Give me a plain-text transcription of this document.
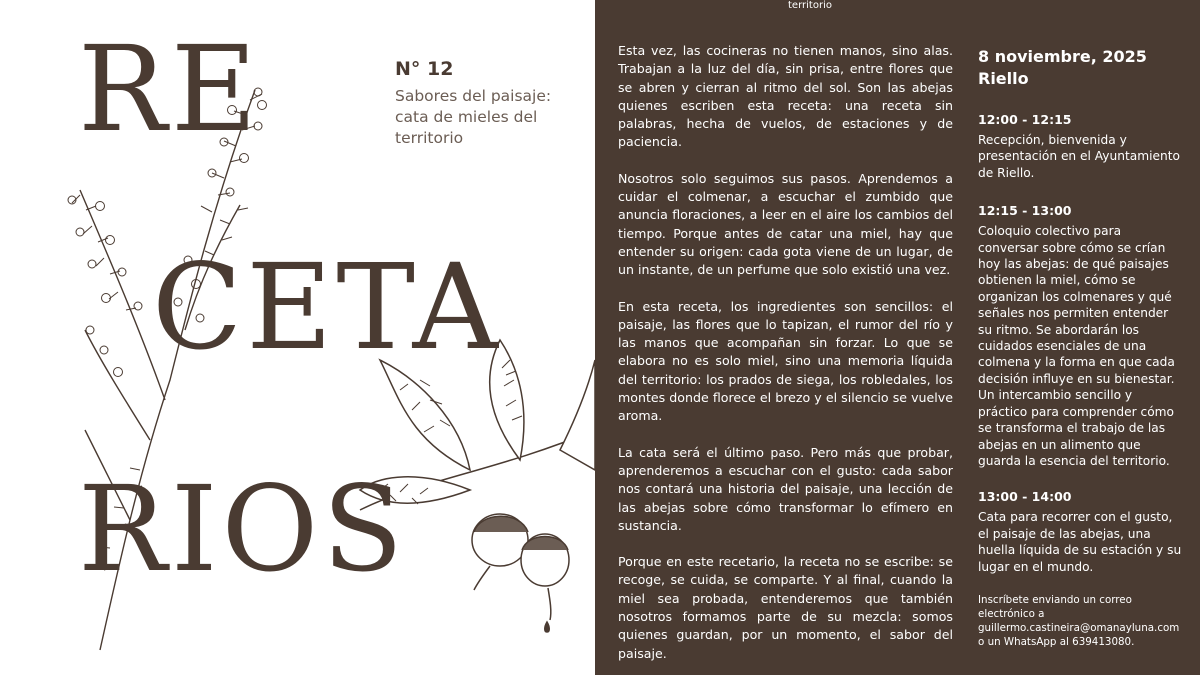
RE
CETA
RIOS
N° 12
Sabores del paisaje: cata de mieles del territorio
territorio

Esta vez, las cocineras no tienen manos, sino alas. Trabajan a la luz del día, sin prisa, entre flores que se abren y cierran al ritmo del sol. Son las abejas quienes escriben esta receta: una receta sin palabras, hecha de vuelos, de estaciones y de paciencia.

Nosotros solo seguimos sus pasos. Aprendemos a cuidar el colmenar, a escuchar el zumbido que anuncia floraciones, a leer en el aire los cambios del tiempo. Porque antes de catar una miel, hay que entender su origen: cada gota viene de un lugar, de un instante, de un perfume que solo existió una vez.

En esta receta, los ingredientes son sencillos: el paisaje, las flores que lo tapizan, el rumor del río y las manos que acompañan sin forzar. Lo que se elabora no es solo miel, sino una memoria líquida del territorio: los prados de siega, los robledales, los montes donde florece el brezo y el silencio se vuelve aroma.

La cata será el último paso. Pero más que probar, aprenderemos a escuchar con el gusto: cada sabor nos contará una historia del paisaje, una lección de las abejas sobre cómo transformar lo efímero en sustancia.

Porque en este recetario, la receta no se escribe: se recoge, se cuida, se comparte. Y al final, cuando la miel sea probada, entenderemos que también nosotros formamos parte de su mezcla: somos quienes guardan, por un momento, el sabor del paisaje.

8 noviembre, 2025
Riello
12:00 - 12:15
Recepción, bienvenida y presentación en el Ayuntamiento de Riello.
12:15 - 13:00
Coloquio colectivo para conversar sobre cómo se crían hoy las abejas: de qué paisajes obtienen la miel, cómo se organizan los colmenares y qué señales nos permiten entender su ritmo. Se abordarán los cuidados esenciales de una colmena y la forma en que cada decisión influye en su bienestar. Un intercambio sencillo y práctico para comprender cómo se transforma el trabajo de las abejas en un alimento que guarda la esencia del territorio.
13:00 - 14:00
Cata para recorrer con el gusto, el paisaje de las abejas, una huella líquida de su estación y su lugar en el mundo.
Inscríbete enviando un correo electrónico a
guillermo.castineira@omanayluna.com
o un WhatsApp al 639413080.
